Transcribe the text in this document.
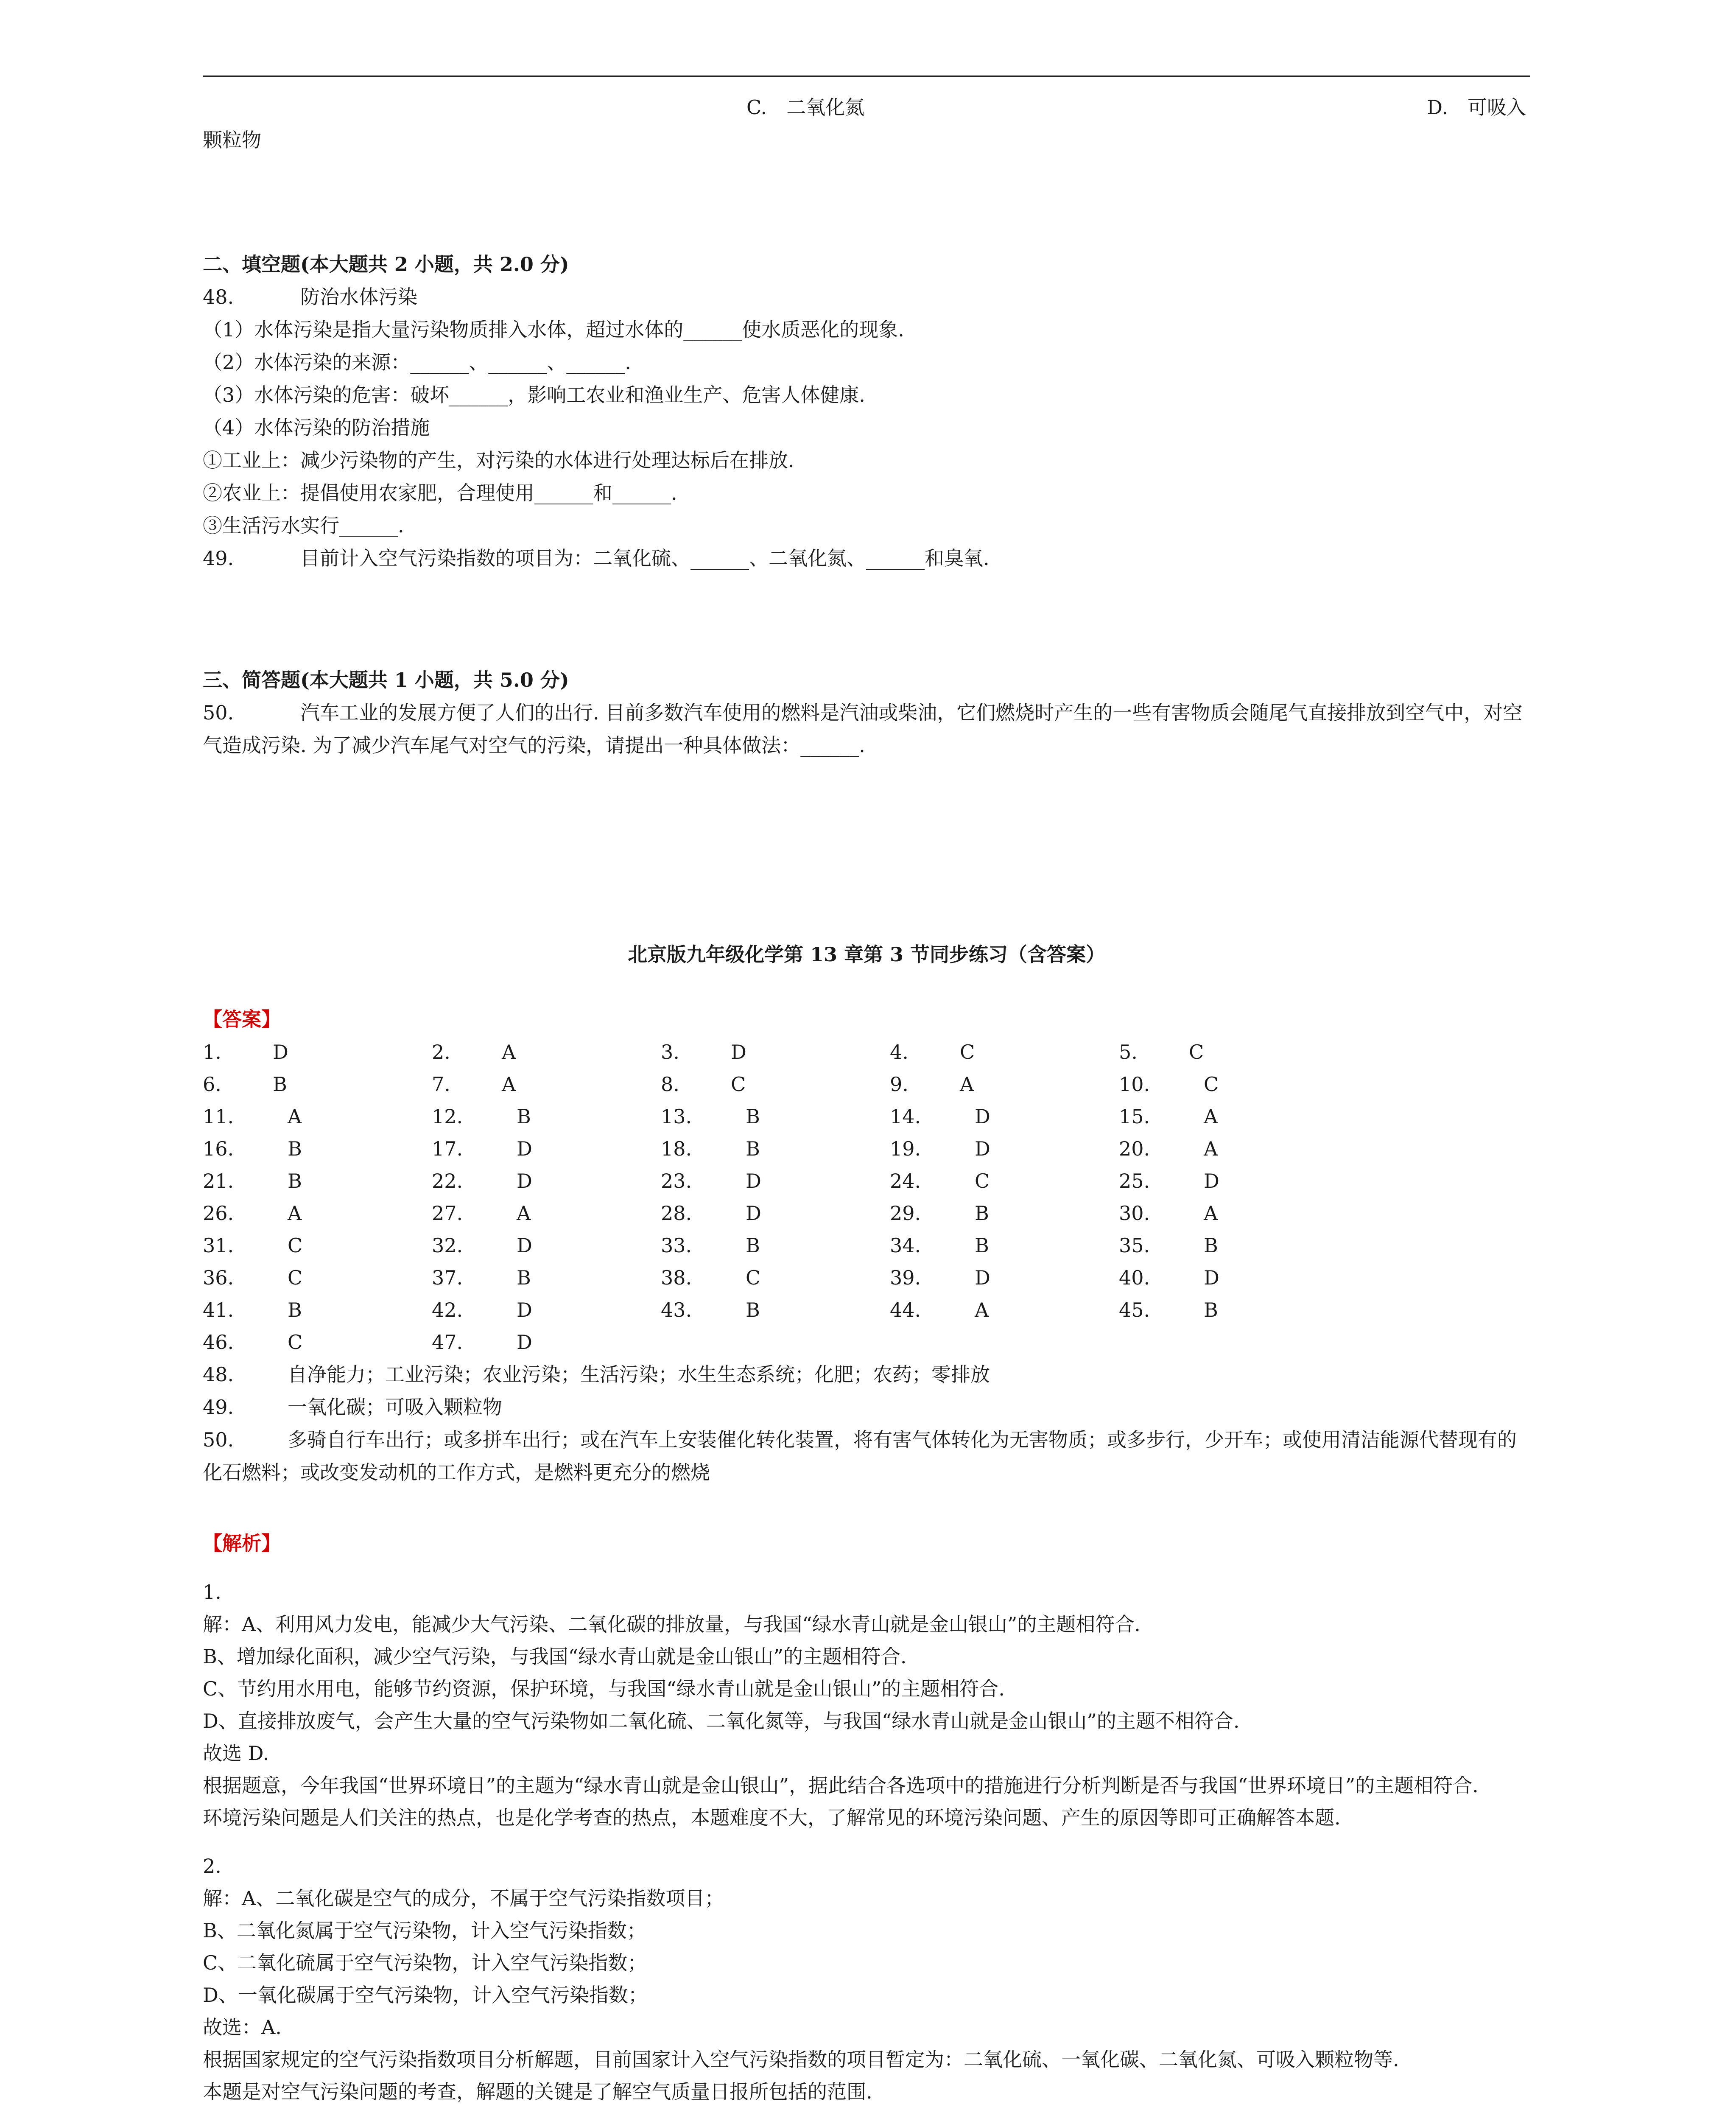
C.　二氧化氮	D.　可吸入
颗粒物
二、填空题(本大题共 2 小题，共 2.0 分)
48.	防治水体污染
（1）水体污染是指大量污染物质排入水体，超过水体的______使水质恶化的现象.
（2）水体污染的来源：______、______、______.
（3）水体污染的危害：破坏______，影响工农业和渔业生产、危害人体健康.
（4）水体污染的防治措施
①工业上：减少污染物的产生，对污染的水体进行处理达标后在排放.
②农业上：提倡使用农家肥，合理使用______和______.
③生活污水实行______.
49.	目前计入空气污染指数的项目为：二氧化硫、______、二氧化氮、______和臭氧.
三、简答题(本大题共 1 小题，共 5.0 分)
50.	汽车工业的发展方便了人们的出行. 目前多数汽车使用的燃料是汽油或柴油，它们燃烧时产生的一些有害物质会随尾气直接排放到空气中，对空气造成污染. 为了减少汽车尾气对空气的污染，请提出一种具体做法：______.
北京版九年级化学第 13 章第 3 节同步练习（含答案）
【答案】
1.	D	2.	A	3.	D	4.	C	5.	C
6.	B	7.	A	8.	C	9.	A	10.	C
11.	A	12.	B	13.	B	14.	D	15.	A
16.	B	17.	D	18.	B	19.	D	20.	A
21.	B	22.	D	23.	D	24.	C	25.	D
26.	A	27.	A	28.	D	29.	B	30.	A
31.	C	32.	D	33.	B	34.	B	35.	B
36.	C	37.	B	38.	C	39.	D	40.	D
41.	B	42.	D	43.	B	44.	A	45.	B
46.	C	47.	D
48.	自净能力；工业污染；农业污染；生活污染；水生生态系统；化肥；农药；零排放
49.	一氧化碳；可吸入颗粒物
50.	多骑自行车出行；或多拼车出行；或在汽车上安装催化转化装置，将有害气体转化为无害物质；或多步行，少开车；或使用清洁能源代替现有的化石燃料；或改变发动机的工作方式，是燃料更充分的燃烧
【解析】
1.
解：A、利用风力发电，能减少大气污染、二氧化碳的排放量，与我国“绿水青山就是金山银山”的主题相符合.
B、增加绿化面积，减少空气污染，与我国“绿水青山就是金山银山”的主题相符合.
C、节约用水用电，能够节约资源，保护环境，与我国“绿水青山就是金山银山”的主题相符合.
D、直接排放废气，会产生大量的空气污染物如二氧化硫、二氧化氮等，与我国“绿水青山就是金山银山”的主题不相符合.
故选 D.
根据题意，今年我国“世界环境日”的主题为“绿水青山就是金山银山”，据此结合各选项中的措施进行分析判断是否与我国“世界环境日”的主题相符合.
环境污染问题是人们关注的热点，也是化学考查的热点，本题难度不大，了解常见的环境污染问题、产生的原因等即可正确解答本题.
2.
解：A、二氧化碳是空气的成分，不属于空气污染指数项目；
B、二氧化氮属于空气污染物，计入空气污染指数；
C、二氧化硫属于空气污染物，计入空气污染指数；
D、一氧化碳属于空气污染物，计入空气污染指数；
故选：A.
根据国家规定的空气污染指数项目分析解题，目前国家计入空气污染指数的项目暂定为：二氧化硫、一氧化碳、二氧化氮、可吸入颗粒物等.
本题是对空气污染问题的考查，解题的关键是了解空气质量日报所包括的范围.
